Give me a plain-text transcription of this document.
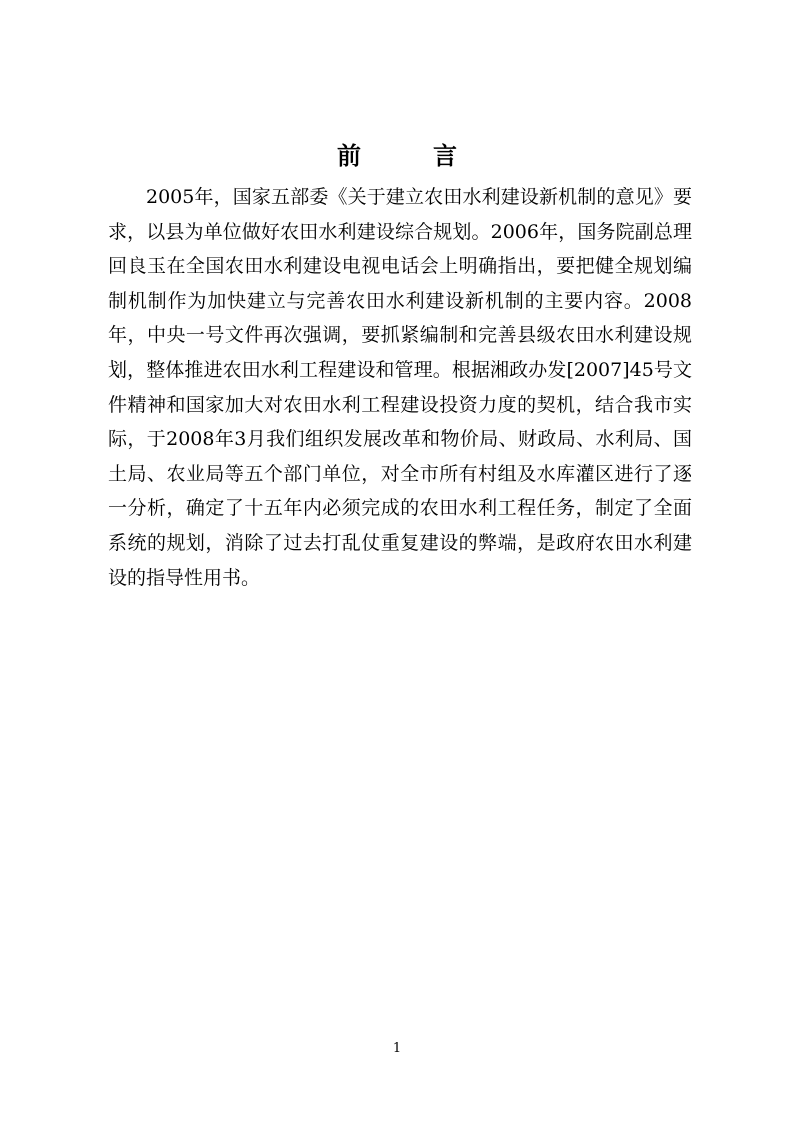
前言

2005年，国家五部委《关于建立农田水利建设新机制的意见》要求，以县为单位做好农田水利建设综合规划。2006年，国务院副总理回良玉在全国农田水利建设电视电话会上明确指出，要把健全规划编制机制作为加快建立与完善农田水利建设新机制的主要内容。2008年，中央一号文件再次强调，要抓紧编制和完善县级农田水利建设规划，整体推进农田水利工程建设和管理。根据湘政办发[2007]45号文件精神和国家加大对农田水利工程建设投资力度的契机，结合我市实际，于2008年3月我们组织发展改革和物价局、财政局、水利局、国土局、农业局等五个部门单位，对全市所有村组及水库灌区进行了逐一分析，确定了十五年内必须完成的农田水利工程任务，制定了全面系统的规划，消除了过去打乱仗重复建设的弊端，是政府农田水利建设的指导性用书。

1
